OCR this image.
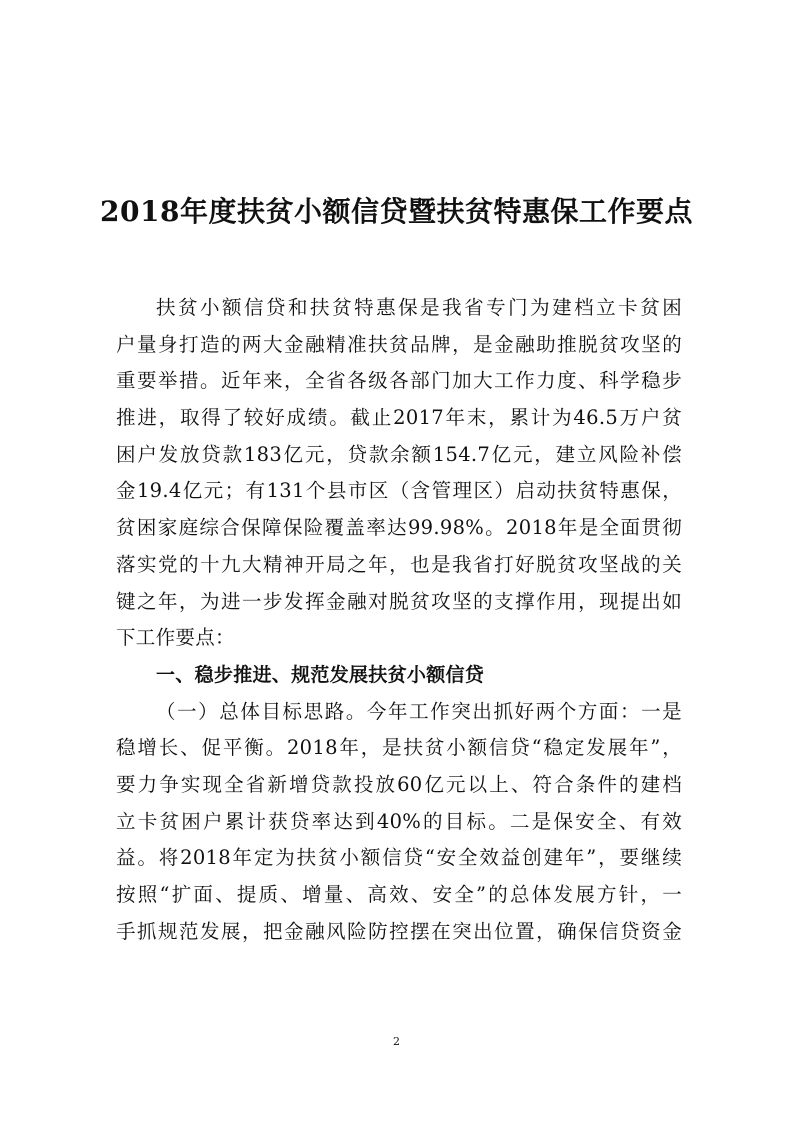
2018年度扶贫小额信贷暨扶贫特惠保工作要点
扶贫小额信贷和扶贫特惠保是我省专门为建档立卡贫困
户量身打造的两大金融精准扶贫品牌，是金融助推脱贫攻坚的
重要举措。近年来，全省各级各部门加大工作力度、科学稳步
推进，取得了较好成绩。截止2017年末，累计为46.5万户贫
困户发放贷款183亿元，贷款余额154.7亿元，建立风险补偿
金19.4亿元；有131个县市区（含管理区）启动扶贫特惠保，
贫困家庭综合保障保险覆盖率达99.98%。2018年是全面贯彻
落实党的十九大精神开局之年，也是我省打好脱贫攻坚战的关
键之年，为进一步发挥金融对脱贫攻坚的支撑作用，现提出如
下工作要点：
一、稳步推进、规范发展扶贫小额信贷
（一）总体目标思路。今年工作突出抓好两个方面：一是
稳增长、促平衡。2018年，是扶贫小额信贷“稳定发展年”，
要力争实现全省新增贷款投放60亿元以上、符合条件的建档
立卡贫困户累计获贷率达到40%的目标。二是保安全、有效
益。将2018年定为扶贫小额信贷“安全效益创建年”，要继续
按照“扩面、提质、增量、高效、安全”的总体发展方针，一
手抓规范发展，把金融风险防控摆在突出位置，确保信贷资金
2
